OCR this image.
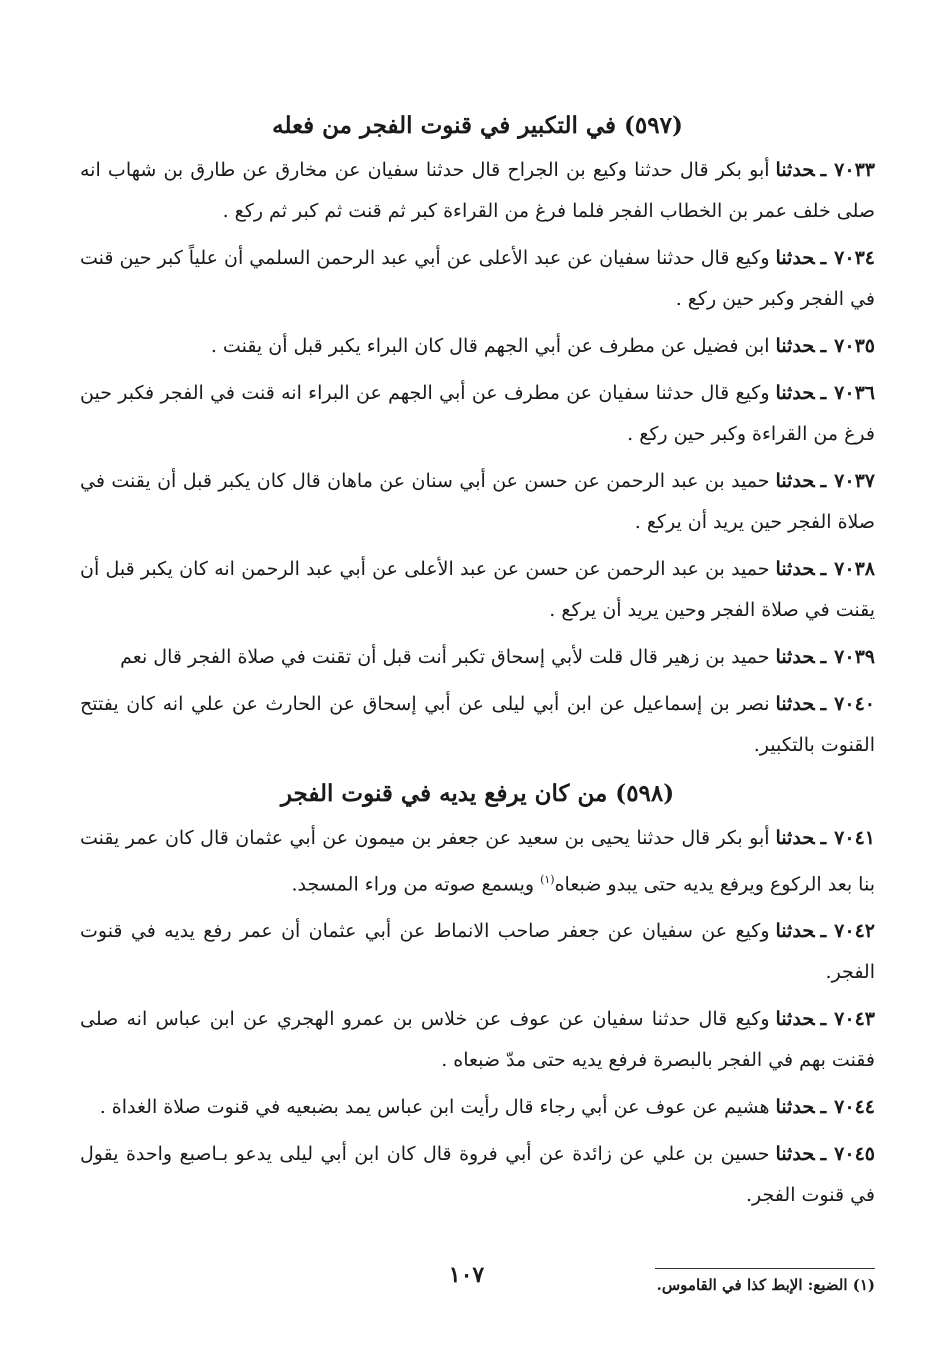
(٥٩٧) في التكبير في قنوت الفجر من فعله

٧٠٣٣ـحدثناأبو بكر قال حدثنا وكيع بن الجراح قال حدثنا سفيان عن مخارق عن طارق بن شهاب انه صلى خلف عمر بن الخطاب الفجر فلما فرغ من القراءة كبر ثم قنت ثم كبر ثم ركع .

٧٠٣٤ـحدثناوكيع قال حدثنا سفيان عن عبد الأعلى عن أبي عبد الرحمن السلمي أن علياً كبر حين قنت في الفجر وكبر حين ركع .

٧٠٣٥ـحدثناابن فضيل عن مطرف عن أبي الجهم قال كان البراء يكبر قبل أن يقنت .

٧٠٣٦ـحدثناوكيع قال حدثنا سفيان عن مطرف عن أبي الجهم عن البراء انه قنت في الفجر فكبر حين فرغ من القراءة وكبر حين ركع .

٧٠٣٧ـحدثناحميد بن عبد الرحمن عن حسن عن أبي سنان عن ماهان قال كان يكبر قبل أن يقنت في صلاة الفجر حين يريد أن يركع .

٧٠٣٨ـحدثناحميد بن عبد الرحمن عن حسن عن عبد الأعلى عن أبي عبد الرحمن انه كان يكبر قبل أن يقنت في صلاة الفجر وحين يريد أن يركع .

٧٠٣٩ـحدثناحميد بن زهير قال قلت لأبي إسحاق تكبر أنت قبل أن تقنت في صلاة الفجر قال نعم

٧٠٤٠ـحدثنانصر بن إسماعيل عن ابن أبي ليلى عن أبي إسحاق عن الحارث عن علي انه كان يفتتح القنوت بالتكبير.

(٥٩٨) من كان يرفع يديه في قنوت الفجر

٧٠٤١ـحدثناأبو بكر قال حدثنا يحيى بن سعيد عن جعفر بن ميمون عن أبي عثمان قال كان عمر يقنت بنا بعد الركوع ويرفع يديه حتى يبدو ضبعاه$^{(١)}$ ويسمع صوته من وراء المسجد.

٧٠٤٢ـحدثناوكيع عن سفيان عن جعفر صاحب الانماط عن أبي عثمان أن عمر رفع يديه في قنوت الفجر.

٧٠٤٣ـحدثناوكيع قال حدثنا سفيان عن عوف عن خلاس بن عمرو الهجري عن ابن عباس انه صلى فقنت بهم في الفجر بالبصرة فرفع يديه حتى مدّ ضبعاه .

٧٠٤٤ـحدثناهشيم عن عوف عن أبي رجاء قال رأيت ابن عباس يمد بضبعيه في قنوت صلاة الغداة .

٧٠٤٥ـحدثناحسين بن علي عن زائدة عن أبي فروة قال كان ابن أبي ليلى يدعو بـاصبع واحدة يقول في قنوت الفجر.

١٠٧	(١) الضبع: الإبط كذا في القاموس.
